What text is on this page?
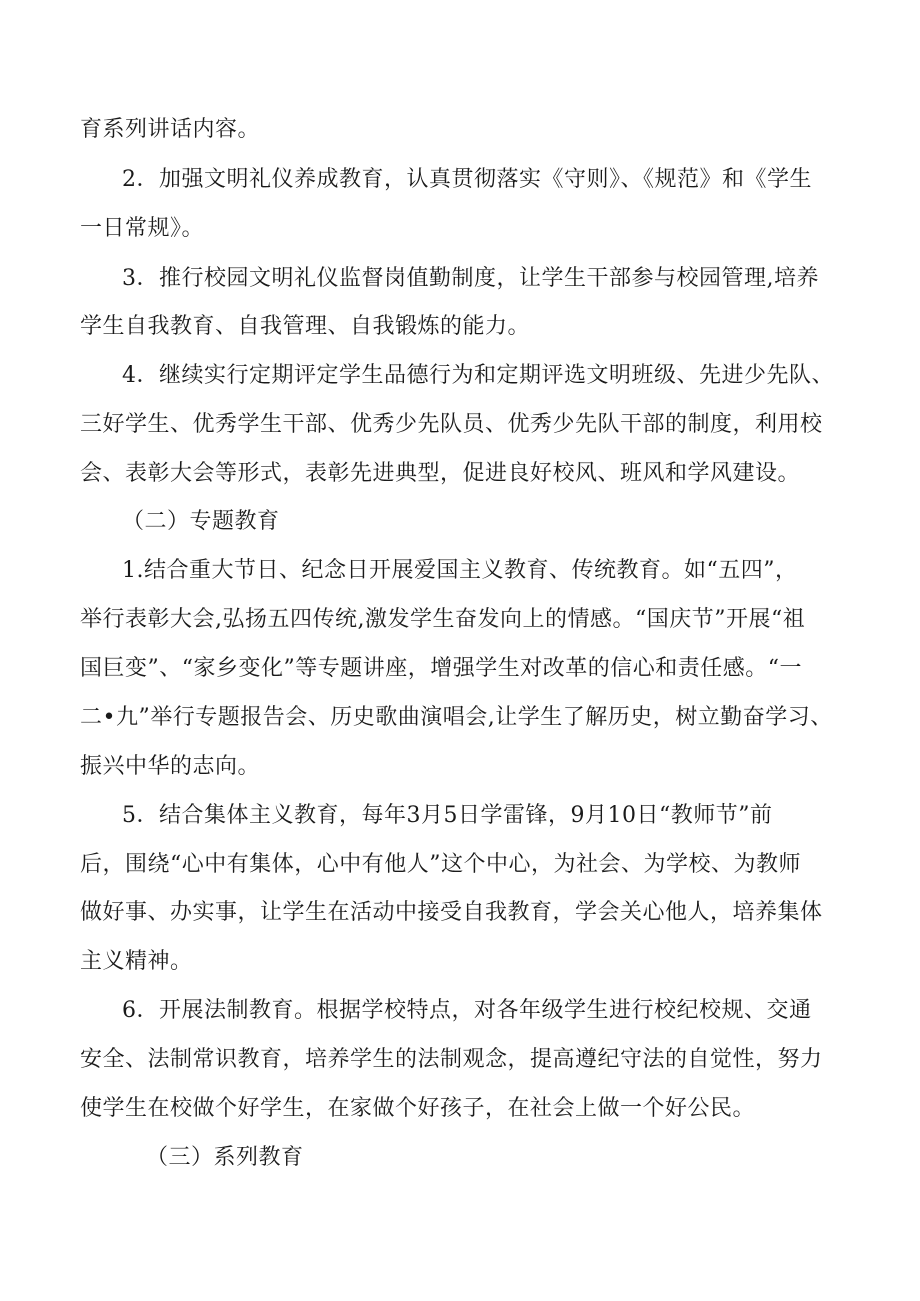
育系列讲话内容。
2．加强文明礼仪养成教育，认真贯彻落实《守则》、《规范》和《学生
一日常规》。
3．推行校园文明礼仪监督岗值勤制度，让学生干部参与校园管理,培养
学生自我教育、自我管理、自我锻炼的能力。
4．继续实行定期评定学生品德行为和定期评选文明班级、先进少先队、
三好学生、优秀学生干部、优秀少先队员、优秀少先队干部的制度，利用校
会、表彰大会等形式，表彰先进典型，促进良好校风、班风和学风建设。
（二）专题教育
1.结合重大节日、纪念日开展爱国主义教育、传统教育。如“五四”，
举行表彰大会,弘扬五四传统,激发学生奋发向上的情感。“国庆节”开展“祖
国巨变”、“家乡变化”等专题讲座，增强学生对改革的信心和责任感。“一
二•九”举行专题报告会、历史歌曲演唱会,让学生了解历史，树立勤奋学习、
振兴中华的志向。
5．结合集体主义教育，每年3月5日学雷锋，9月10日“教师节”前
后，围绕“心中有集体，心中有他人”这个中心，为社会、为学校、为教师
做好事、办实事，让学生在活动中接受自我教育，学会关心他人，培养集体
主义精神。
6．开展法制教育。根据学校特点，对各年级学生进行校纪校规、交通
安全、法制常识教育，培养学生的法制观念，提高遵纪守法的自觉性，努力
使学生在校做个好学生，在家做个好孩子，在社会上做一个好公民。
（三）系列教育
